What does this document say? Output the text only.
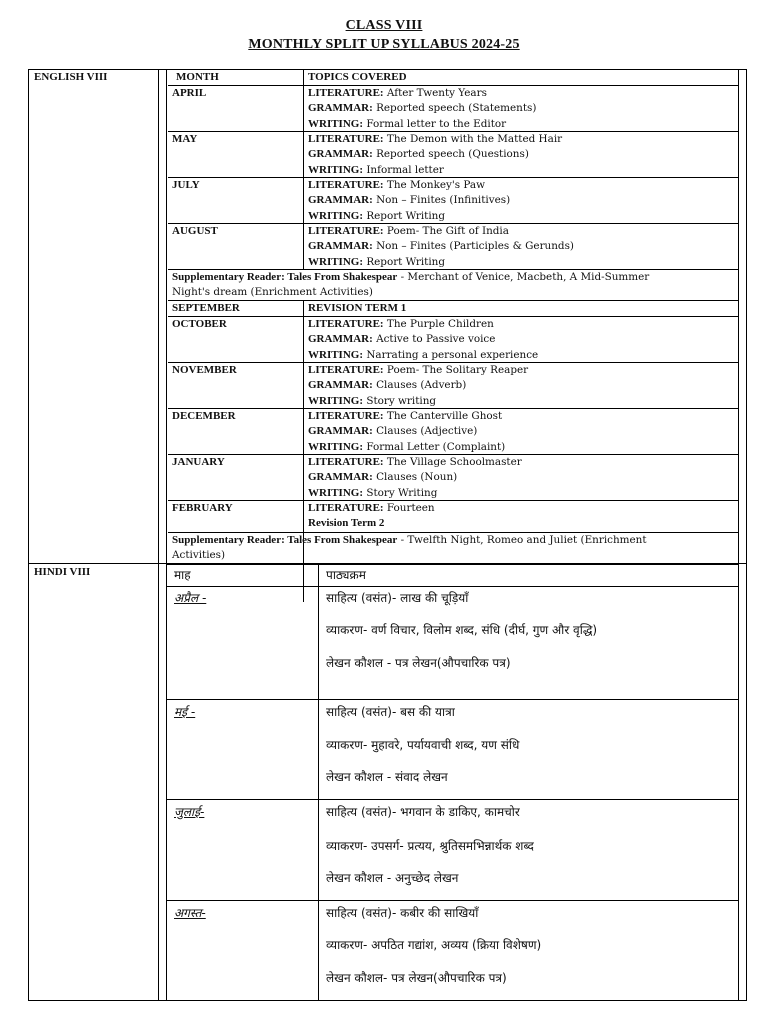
CLASS VIII
MONTHLY SPLIT UP SYLLABUS 2024-25
ENGLISH VIII
HINDI VIII
MONTH	TOPICS COVERED
APRIL	LITERATURE: After Twenty Years
GRAMMAR: Reported speech (Statements)
WRITING: Formal letter to the Editor
MAY	LITERATURE: The Demon with the Matted Hair
GRAMMAR: Reported speech (Questions)
WRITING: Informal letter
JULY	LITERATURE: The Monkey's Paw
GRAMMAR: Non – Finites (Infinitives)
WRITING: Report Writing
AUGUST	LITERATURE: Poem- The Gift of India
GRAMMAR: Non – Finites (Participles & Gerunds)
WRITING: Report Writing
Supplementary Reader: Tales From Shakespear - Merchant of Venice, Macbeth, A Mid-Summer
Night's dream (Enrichment Activities)
SEPTEMBER	REVISION TERM 1
OCTOBER	LITERATURE: The Purple Children
GRAMMAR: Active to Passive voice
WRITING: Narrating a personal experience
NOVEMBER	LITERATURE: Poem- The Solitary Reaper
GRAMMAR: Clauses (Adverb)
WRITING: Story writing
DECEMBER	LITERATURE: The Canterville Ghost
GRAMMAR: Clauses (Adjective)
WRITING: Formal Letter (Complaint)
JANUARY	LITERATURE: The Village Schoolmaster
GRAMMAR: Clauses (Noun)
WRITING: Story Writing
FEBRUARY	LITERATURE: Fourteen
Revision Term 2
Supplementary Reader: Tales From Shakespear - Twelfth Night, Romeo and Juliet (Enrichment
Activities)
माह	पाठ्यक्रम
अप्रैल -	साहित्य (वसंत)- लाख की चूड़ियाँ
व्याकरण- वर्ण विचार, विलोम शब्द, संधि (दीर्घ, गुण और वृद्धि)
लेखन कौशल - पत्र लेखन(औपचारिक पत्र)
मई -	साहित्य (वसंत)- बस की यात्रा
व्याकरण- मुहावरे, पर्यायवाची शब्द, यण संधि
लेखन कौशल - संवाद लेखन
जुलाई-	साहित्य (वसंत)- भगवान के डाकिए, कामचोर
व्याकरण- उपसर्ग- प्रत्यय, श्रुतिसमभिन्नार्थक शब्द
लेखन कौशल - अनुच्छेद लेखन
अगस्त-	साहित्य (वसंत)- कबीर की साखियाँ
व्याकरण- अपठित गद्यांश, अव्यय (क्रिया विशेषण)
लेखन कौशल- पत्र लेखन(औपचारिक पत्र)
